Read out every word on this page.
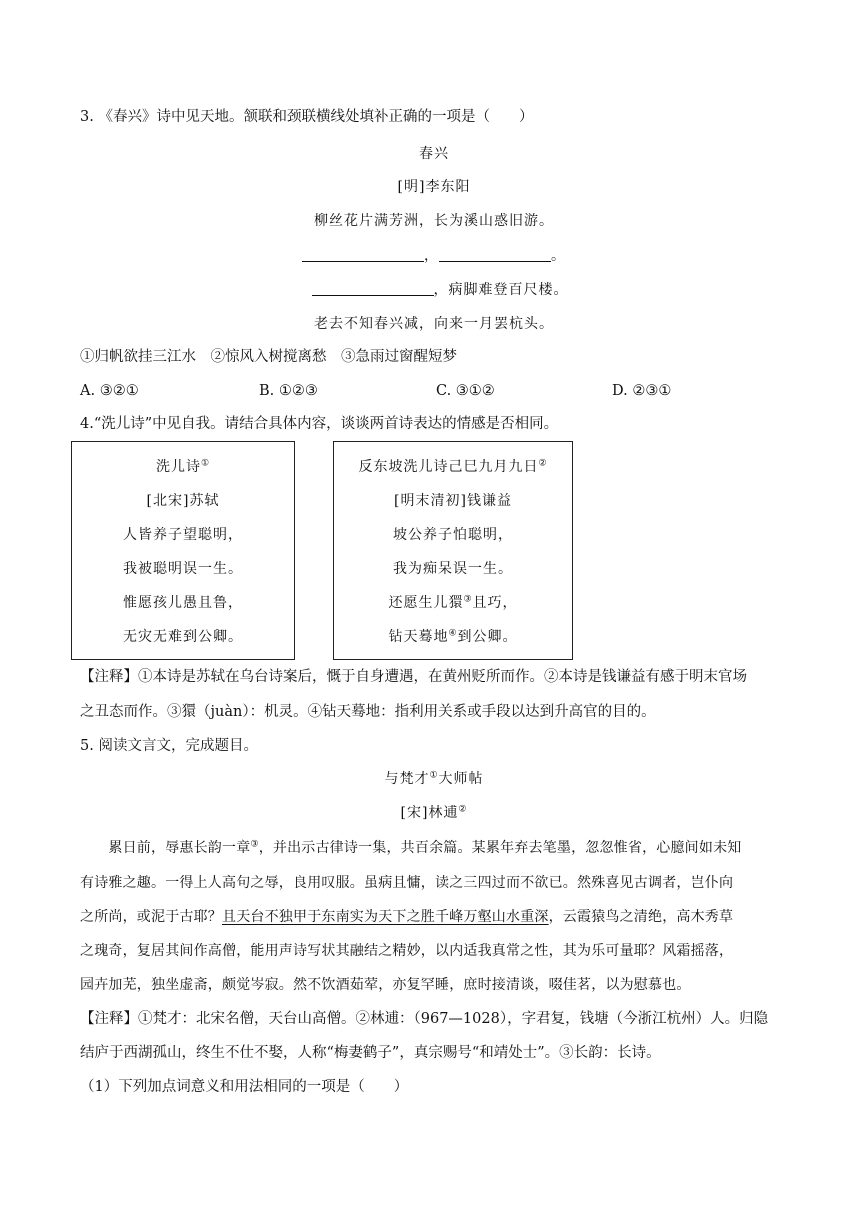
3. 《春兴》诗中见天地。颔联和颈联横线处填补正确的一项是（　　）
春兴
[明]李东阳
柳丝花片满芳洲，长为溪山惑旧游。
，	。
，病脚难登百尺楼。
老去不知春兴减，向来一月罢杭头。
①归帆欲挂三江水　②惊风入树搅离愁　③急雨过窗醒短梦
A. ③②①	B. ①②③	C. ③①②	D. ②③①
4.“洗儿诗”中见自我。请结合具体内容，谈谈两首诗表达的情感是否相同。
洗儿诗①
[北宋]苏轼
人皆养子望聪明，
我被聪明误一生。
惟愿孩儿愚且鲁，
无灾无难到公卿。
反东坡洗儿诗己巳九月九日②
[明末清初]钱谦益
坡公养子怕聪明，
我为痴呆误一生。
还愿生儿獧③且巧，
钻天蓦地④到公卿。
【注释】①本诗是苏轼在乌台诗案后，慨于自身遭遇，在黄州贬所而作。②本诗是钱谦益有感于明末官场
之丑态而作。③獧（juàn）：机灵。④钻天蓦地：指利用关系或手段以达到升高官的目的。
5. 阅读文言文，完成题目。
与梵才①大师帖
[宋]林逋②
　　累日前，辱惠长韵一章③，并出示古律诗一集，共百余篇。某累年弃去笔墨，忽忽惟省，心臆间如未知
有诗雅之趣。一得上人高句之辱，良用叹服。虽病且慵，读之三四过而不欲已。然殊喜见古调者，岂仆向
之所尚，或泥于古耶？且天台不独甲于东南实为天下之胜千峰万壑山水重深，云霞猿鸟之清绝，高木秀草
之瑰奇，复居其间作高僧，能用声诗写状其融结之精妙，以内适我真常之性，其为乐可量耶？风霜摇落，
园卉加芜，独坐虚斋，颇觉岑寂。然不饮酒茹荤，亦复罕睡，庶时接清谈，啜佳茗，以为慰慕也。
【注释】①梵才：北宋名僧，天台山高僧。②林逋：（967—1028），字君复，钱塘（今浙江杭州）人。归隐
结庐于西湖孤山，终生不仕不娶，人称“梅妻鹤子”，真宗赐号“和靖处士”。③长韵：长诗。
（1）下列加点词意义和用法相同的一项是（　　）
